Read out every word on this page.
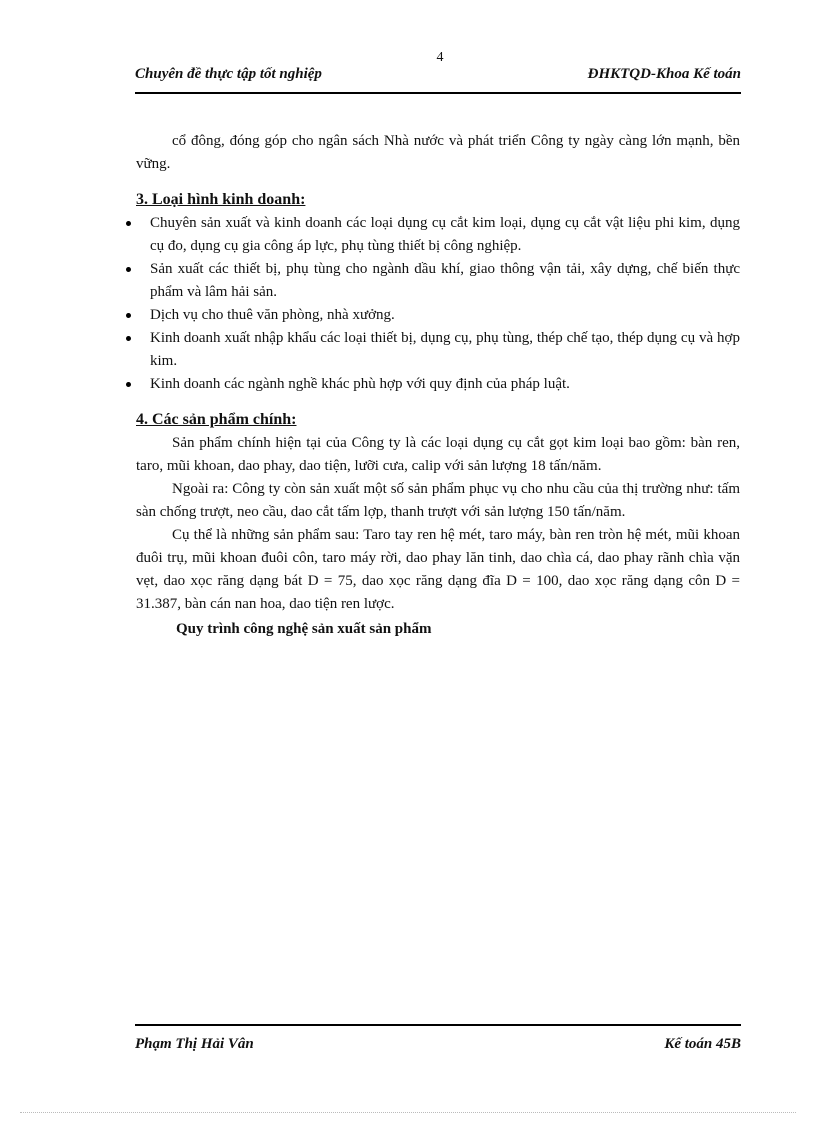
4
Chuyên đề thực tập tốt nghiệp	ĐHKTQD-Khoa Kế toán

cổ đông, đóng góp cho ngân sách Nhà nước và phát triển Công ty ngày càng lớn mạnh, bền vững.

3. Loại hình kinh doanh:
Chuyên sản xuất và kinh doanh các loại dụng cụ cắt kim loại, dụng cụ cắt vật liệu phi kim, dụng cụ đo, dụng cụ gia công áp lực, phụ tùng thiết bị công nghiệp.
Sản xuất các thiết bị, phụ tùng cho ngành dầu khí, giao thông vận tải, xây dựng, chế biến thực phẩm và lâm hải sản.
Dịch vụ cho thuê văn phòng, nhà xưởng.
Kinh doanh xuất nhập khẩu các loại thiết bị, dụng cụ, phụ tùng, thép chế tạo, thép dụng cụ và hợp kim.
Kinh doanh các ngành nghề khác phù hợp với quy định của pháp luật.
4. Các sản phẩm chính:

Sản phẩm chính hiện tại của Công ty là các loại dụng cụ cắt gọt kim loại bao gồm: bàn ren, taro, mũi khoan, dao phay, dao tiện, lưỡi cưa, calip với sản lượng 18 tấn/năm.

Ngoài ra: Công ty còn sản xuất một số sản phẩm phục vụ cho nhu cầu của thị trường như: tấm sàn chống trượt, neo cầu, dao cắt tấm lợp, thanh trượt với sản lượng 150 tấn/năm.

Cụ thể là những sản phẩm sau: Taro tay ren hệ mét, taro máy, bàn ren tròn hệ mét, mũi khoan đuôi trụ, mũi khoan đuôi côn, taro máy rời, dao phay lăn tinh, dao chìa cá, dao phay rãnh chìa vặn vẹt, dao xọc răng dạng bát D = 75, dao xọc răng dạng đĩa D = 100, dao xọc răng dạng côn D = 31.387, bàn cán nan hoa, dao tiện ren lược.

Quy trình công nghệ sản xuất sản phẩm
Phạm Thị Hải Vân	Kế toán 45B
